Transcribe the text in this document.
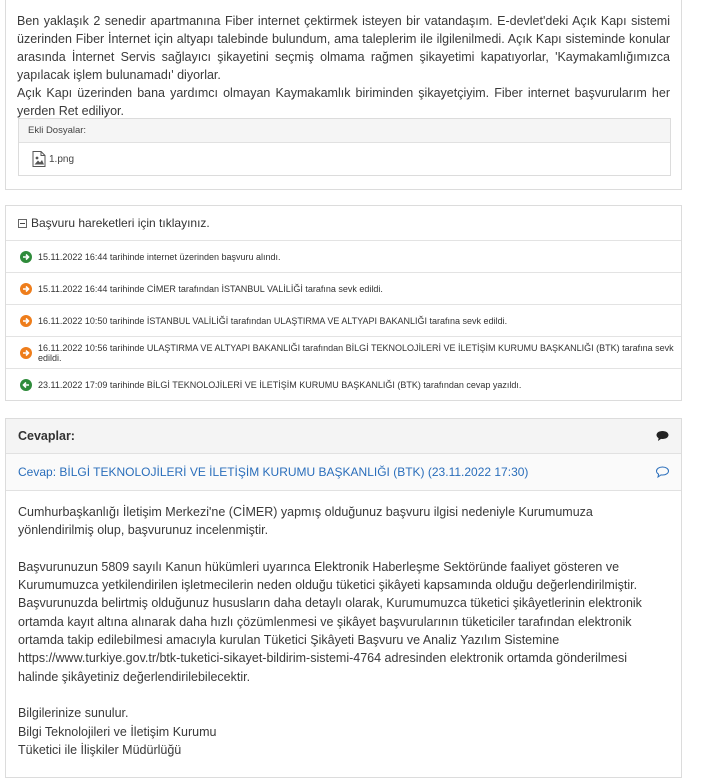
Ben yaklaşık 2 senedir apartmanına Fiber internet çektirmek isteyen bir vatandaşım. E-devlet'deki Açık Kapı sistemi üzerinden Fiber İnternet için altyapı talebinde bulundum, ama taleplerim ile ilgilenilmedi. Açık Kapı sisteminde konular arasında İnternet Servis sağlayıcı şikayetini seçmiş olmama rağmen şikayetimi kapatıyorlar, 'Kaymakamlığımızca yapılacak işlem bulunamadı' diyorlar.

Açık Kapı üzerinden bana yardımcı olmayan Kaymakamlık biriminden şikayetçiyim. Fiber internet başvurularım her yerden Ret ediliyor.

Ekli Dosyalar:
1.png
Başvuru hareketleri için tıklayınız.
15.11.2022 16:44 tarihinde internet üzerinden başvuru alındı.
15.11.2022 16:44 tarihinde CİMER tarafından İSTANBUL VALİLİĞİ tarafına sevk edildi.
16.11.2022 10:50 tarihinde İSTANBUL VALİLİĞİ tarafından ULAŞTIRMA VE ALTYAPI BAKANLIĞI tarafına sevk edildi.
16.11.2022 10:56 tarihinde ULAŞTIRMA VE ALTYAPI BAKANLIĞI tarafından BİLGİ TEKNOLOJİLERİ VE İLETİŞİM KURUMU BAŞKANLIĞI (BTK) tarafına sevk edildi.
23.11.2022 17:09 tarihinde BİLGİ TEKNOLOJİLERİ VE İLETİŞİM KURUMU BAŞKANLIĞI (BTK) tarafından cevap yazıldı.
Cevaplar:
Cevap: BİLGİ TEKNOLOJİLERİ VE İLETİŞİM KURUMU BAŞKANLIĞI (BTK) (23.11.2022 17:30)

Cumhurbaşkanlığı İletişim Merkezi'ne (CİMER) yapmış olduğunuz başvuru ilgisi nedeniyle Kurumumuza yönlendirilmiş olup, başvurunuz incelenmiştir.

Başvurunuzun 5809 sayılı Kanun hükümleri uyarınca Elektronik Haberleşme Sektöründe faaliyet gösteren ve Kurumumuzca yetkilendirilen işletmecilerin neden olduğu tüketici şikâyeti kapsamında olduğu değerlendirilmiştir. Başvurunuzda belirtmiş olduğunuz hususların daha detaylı olarak, Kurumumuzca tüketici şikâyetlerinin elektronik ortamda kayıt altına alınarak daha hızlı çözümlenmesi ve şikâyet başvurularının tüketiciler tarafından elektronik ortamda takip edilebilmesi amacıyla kurulan Tüketici Şikâyeti Başvuru ve Analiz Yazılım Sistemine https://www.turkiye.gov.tr/btk-tuketici-sikayet-bildirim-sistemi-4764 adresinden elektronik ortamda gönderilmesi halinde şikâyetiniz değerlendirilebilecektir.

Bilgilerinize sunulur.
Bilgi Teknolojileri ve İletişim Kurumu
Tüketici ile İlişkiler Müdürlüğü
